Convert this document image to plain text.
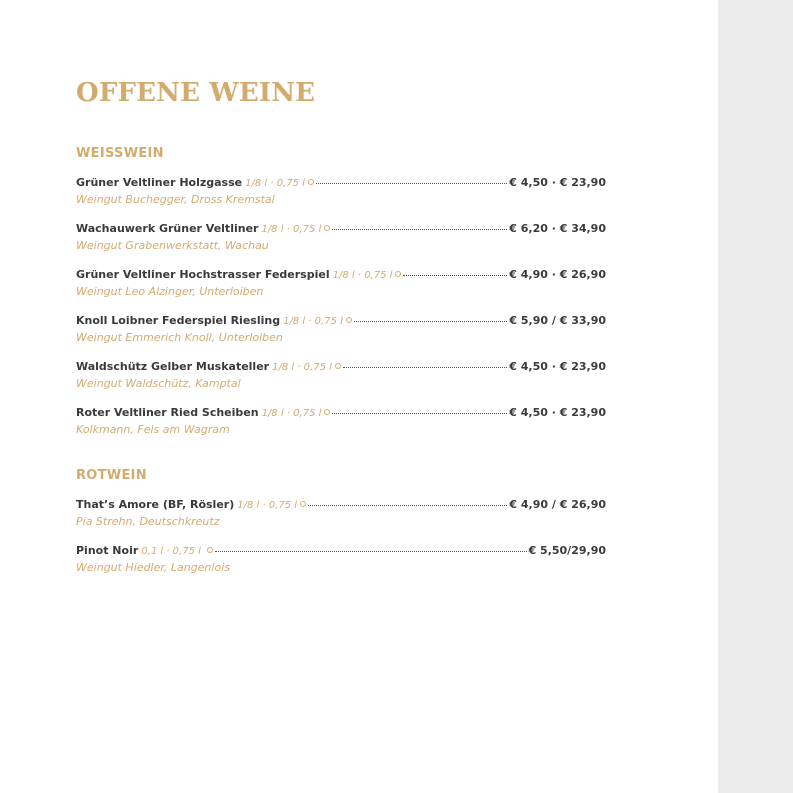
OFFENE WEINE
WEISSWEIN
Grüner Veltliner Holzgasse 1/8 l · 0,75 l	€ 4,50 · € 23,90
Weingut Buchegger, Dross Kremstal
Wachauwerk Grüner Veltliner 1/8 l · 0,75 l	€ 6,20 · € 34,90
Weingut Grabenwerkstatt, Wachau
Grüner Veltliner Hochstrasser Federspiel 1/8 l · 0,75 l	€ 4,90 · € 26,90
Weingut Leo Alzinger, Unterloiben
Knoll Loibner Federspiel Riesling 1/8 l · 0,75 l	€ 5,90 / € 33,90
Weingut Emmerich Knoll, Unterloiben
Waldschütz Gelber Muskateller 1/8 l · 0,75 l	€ 4,50 · € 23,90
Weingut Waldschütz, Kamptal
Roter Veltliner Ried Scheiben 1/8 l · 0,75 l	€ 4,50 · € 23,90
Kolkmann, Fels am Wagram
ROTWEIN
That’s Amore (BF, Rösler) 1/8 l · 0,75 l	€ 4,90 / € 26,90
Pia Strehn, Deutschkreutz
Pinot Noir 0,1 l · 0,75 l	€ 5,50/29,90
Weingut Hiedler, Langenlois
